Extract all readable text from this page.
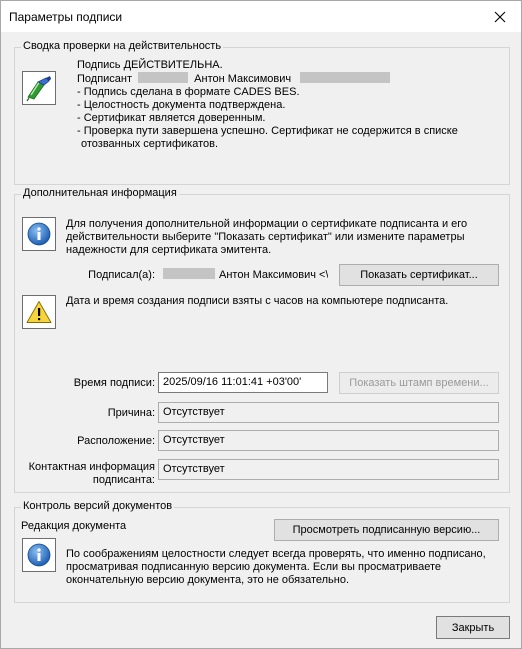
Параметры подписи
Сводка проверки на действительность
Подпись ДЕЙСТВИТЕЛЬНА.
Подписант	Антон Максимович
- Подпись сделана в формате CADES BES.
- Целостность документа подтверждена.
- Сертификат является доверенным.
- Проверка пути завершена успешно. Сертификат не содержится в списке
отозванных сертификатов.
Дополнительная информация
Для получения дополнительной информации о сертификате подписанта и его
действительности выберите "Показать сертификат" или измените параметры
надежности для сертификата эмитента.
Подписал(а):	Антон Максимович <\	Показать сертификат...
Дата и время создания подписи взяты с часов на компьютере подписанта.
Время подписи: 2025/09/16 11:01:41 +03'00'	Показать штамп времени...
Причина: Отсутствует
Расположение: Отсутствует
Контактная информация
подписанта:
Отсутствует
Контроль версий документов
Редакция документа	Просмотреть подписанную версию...
По соображениям целостности следует всегда проверять, что именно подписано,
просматривая подписанную версию документа. Если вы просматриваете
окончательную версию документа, это не обязательно.
Закрыть
